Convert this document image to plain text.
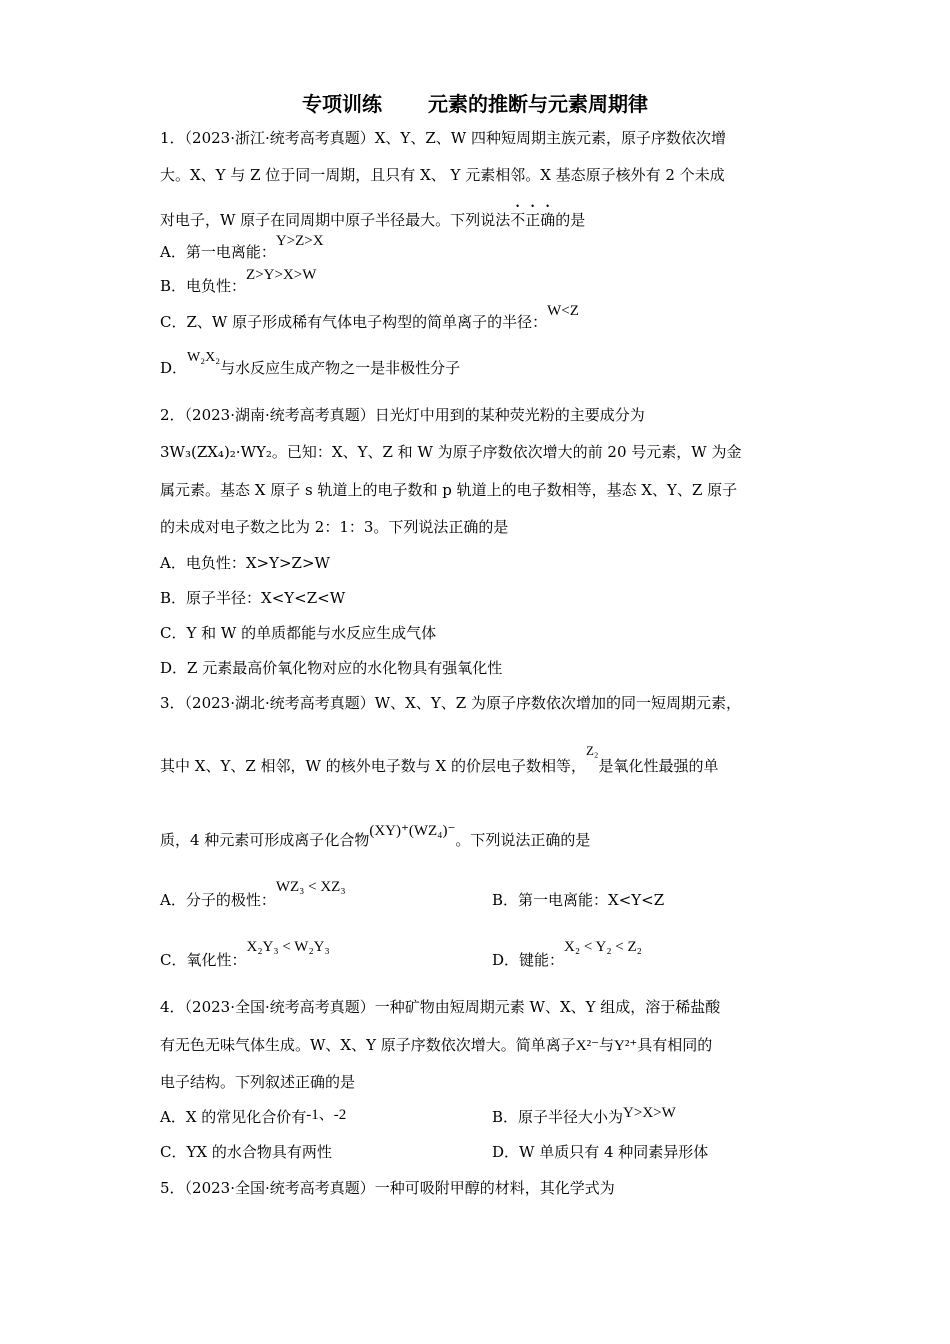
专项训练 元素的推断与元素周期律
1．（2023·浙江·统考高考真题）X、Y、Z、W 四种短周期主族元素，原子序数依次增
大。X、Y 与 Z 位于同一周期，且只有 X、 Y 元素相邻。X 基态原子核外有 2 个未成
对电子，W 原子在同周期中原子半径最大。下列说法不正确的是
A．第一电离能：Y>Z>X
B．电负性：Z>Y>X>W
C．Z、W 原子形成稀有气体电子构型的简单离子的半径：W<Z
D．W₂X₂与水反应生成产物之一是非极性分子
2．（2023·湖南·统考高考真题）日光灯中用到的某种荧光粉的主要成分为
3W₃(ZX₄)₂·WY₂。已知：X、Y、Z 和 W 为原子序数依次增大的前 20 号元素，W 为金
属元素。基态 X 原子 s 轨道上的电子数和 p 轨道上的电子数相等，基态 X、Y、Z 原子
的未成对电子数之比为 2：1：3。下列说法正确的是
A．电负性：X>Y>Z>W
B．原子半径：X<Y<Z<W
C．Y 和 W 的单质都能与水反应生成气体
D．Z 元素最高价氧化物对应的水化物具有强氧化性
3．（2023·湖北·统考高考真题）W、X、Y、Z 为原子序数依次增加的同一短周期元素，
其中 X、Y、Z 相邻，W 的核外电子数与 X 的价层电子数相等，Z₂是氧化性最强的单
质，4 种元素可形成离子化合物(XY)⁺(WZ₄)⁻。下列说法正确的是
A．分子的极性：WZ₃ < XZ₃
B．第一电离能：X<Y<Z
C．氧化性：X₂Y₃ < W₂Y₃
D．键能：X₂ < Y₂ < Z₂
4．（2023·全国·统考高考真题）一种矿物由短周期元素 W、X、Y 组成，溶于稀盐酸
有无色无味气体生成。W、X、Y 原子序数依次增大。简单离子X²⁻与Y²⁺具有相同的
电子结构。下列叙述正确的是
A．X 的常见化合价有-1、-2	B．原子半径大小为Y>X>W
C．YX 的水合物具有两性	D．W 单质只有 4 种同素异形体
5．（2023·全国·统考高考真题）一种可吸附甲醇的材料，其化学式为
